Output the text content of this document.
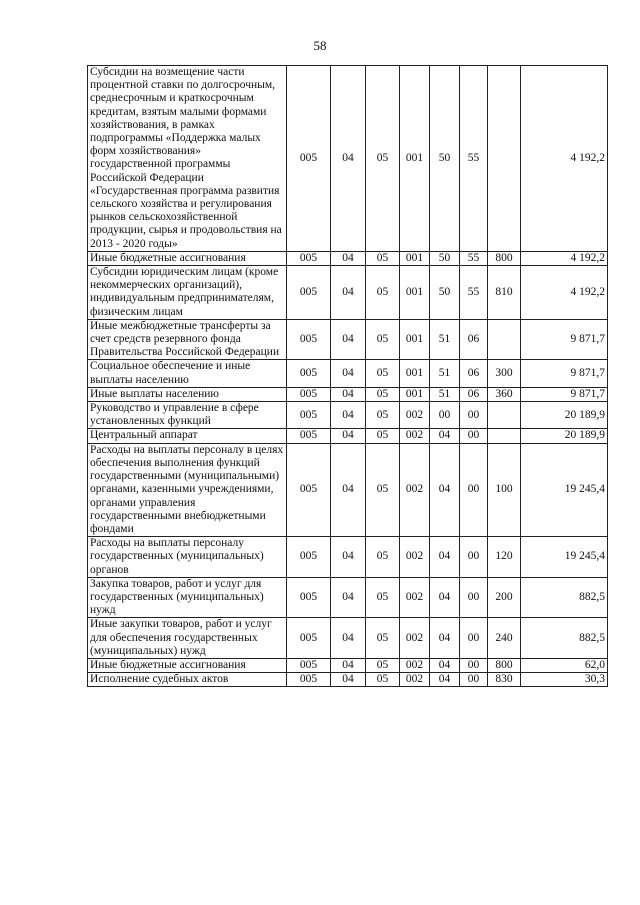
58
Субсидии на возмещение части процентной ставки по долгосрочным, среднесрочным и краткосрочным кредитам, взятым малыми формами хозяйствования, в рамках подпрограммы «Поддержка малых форм хозяйствования» государственной программы Российской Федерации «Государственная программа развития сельского хозяйства и регулирования рынков сельскохозяйственной продукции, сырья и продовольствия на 2013 - 2020 годы»	005	04	05	001	50	55		4 192,2
Иные бюджетные ассигнования	005	04	05	001	50	55	800	4 192,2
Субсидии юридическим лицам (кроме некоммерческих организаций), индивидуальным предпринимателям, физическим лицам	005	04	05	001	50	55	810	4 192,2
Иные межбюджетные трансферты за счет средств резервного фонда Правительства Российской Федерации	005	04	05	001	51	06		9 871,7
Социальное обеспечение и иные выплаты населению	005	04	05	001	51	06	300	9 871,7
Иные выплаты населению	005	04	05	001	51	06	360	9 871,7
Руководство и управление в сфере установленных функций	005	04	05	002	00	00		20 189,9
Центральный аппарат	005	04	05	002	04	00		20 189,9
Расходы на выплаты персоналу в целях обеспечения выполнения функций государственными (муниципальными) органами, казенными учреждениями, органами управления государственными внебюджетными фондами	005	04	05	002	04	00	100	19 245,4
Расходы на выплаты персоналу государственных (муниципальных) органов	005	04	05	002	04	00	120	19 245,4
Закупка товаров, работ и услуг для государственных (муниципальных) нужд	005	04	05	002	04	00	200	882,5
Иные закупки товаров, работ и услуг для обеспечения государственных (муниципальных) нужд	005	04	05	002	04	00	240	882,5
Иные бюджетные ассигнования	005	04	05	002	04	00	800	62,0
Исполнение судебных актов	005	04	05	002	04	00	830	30,3
